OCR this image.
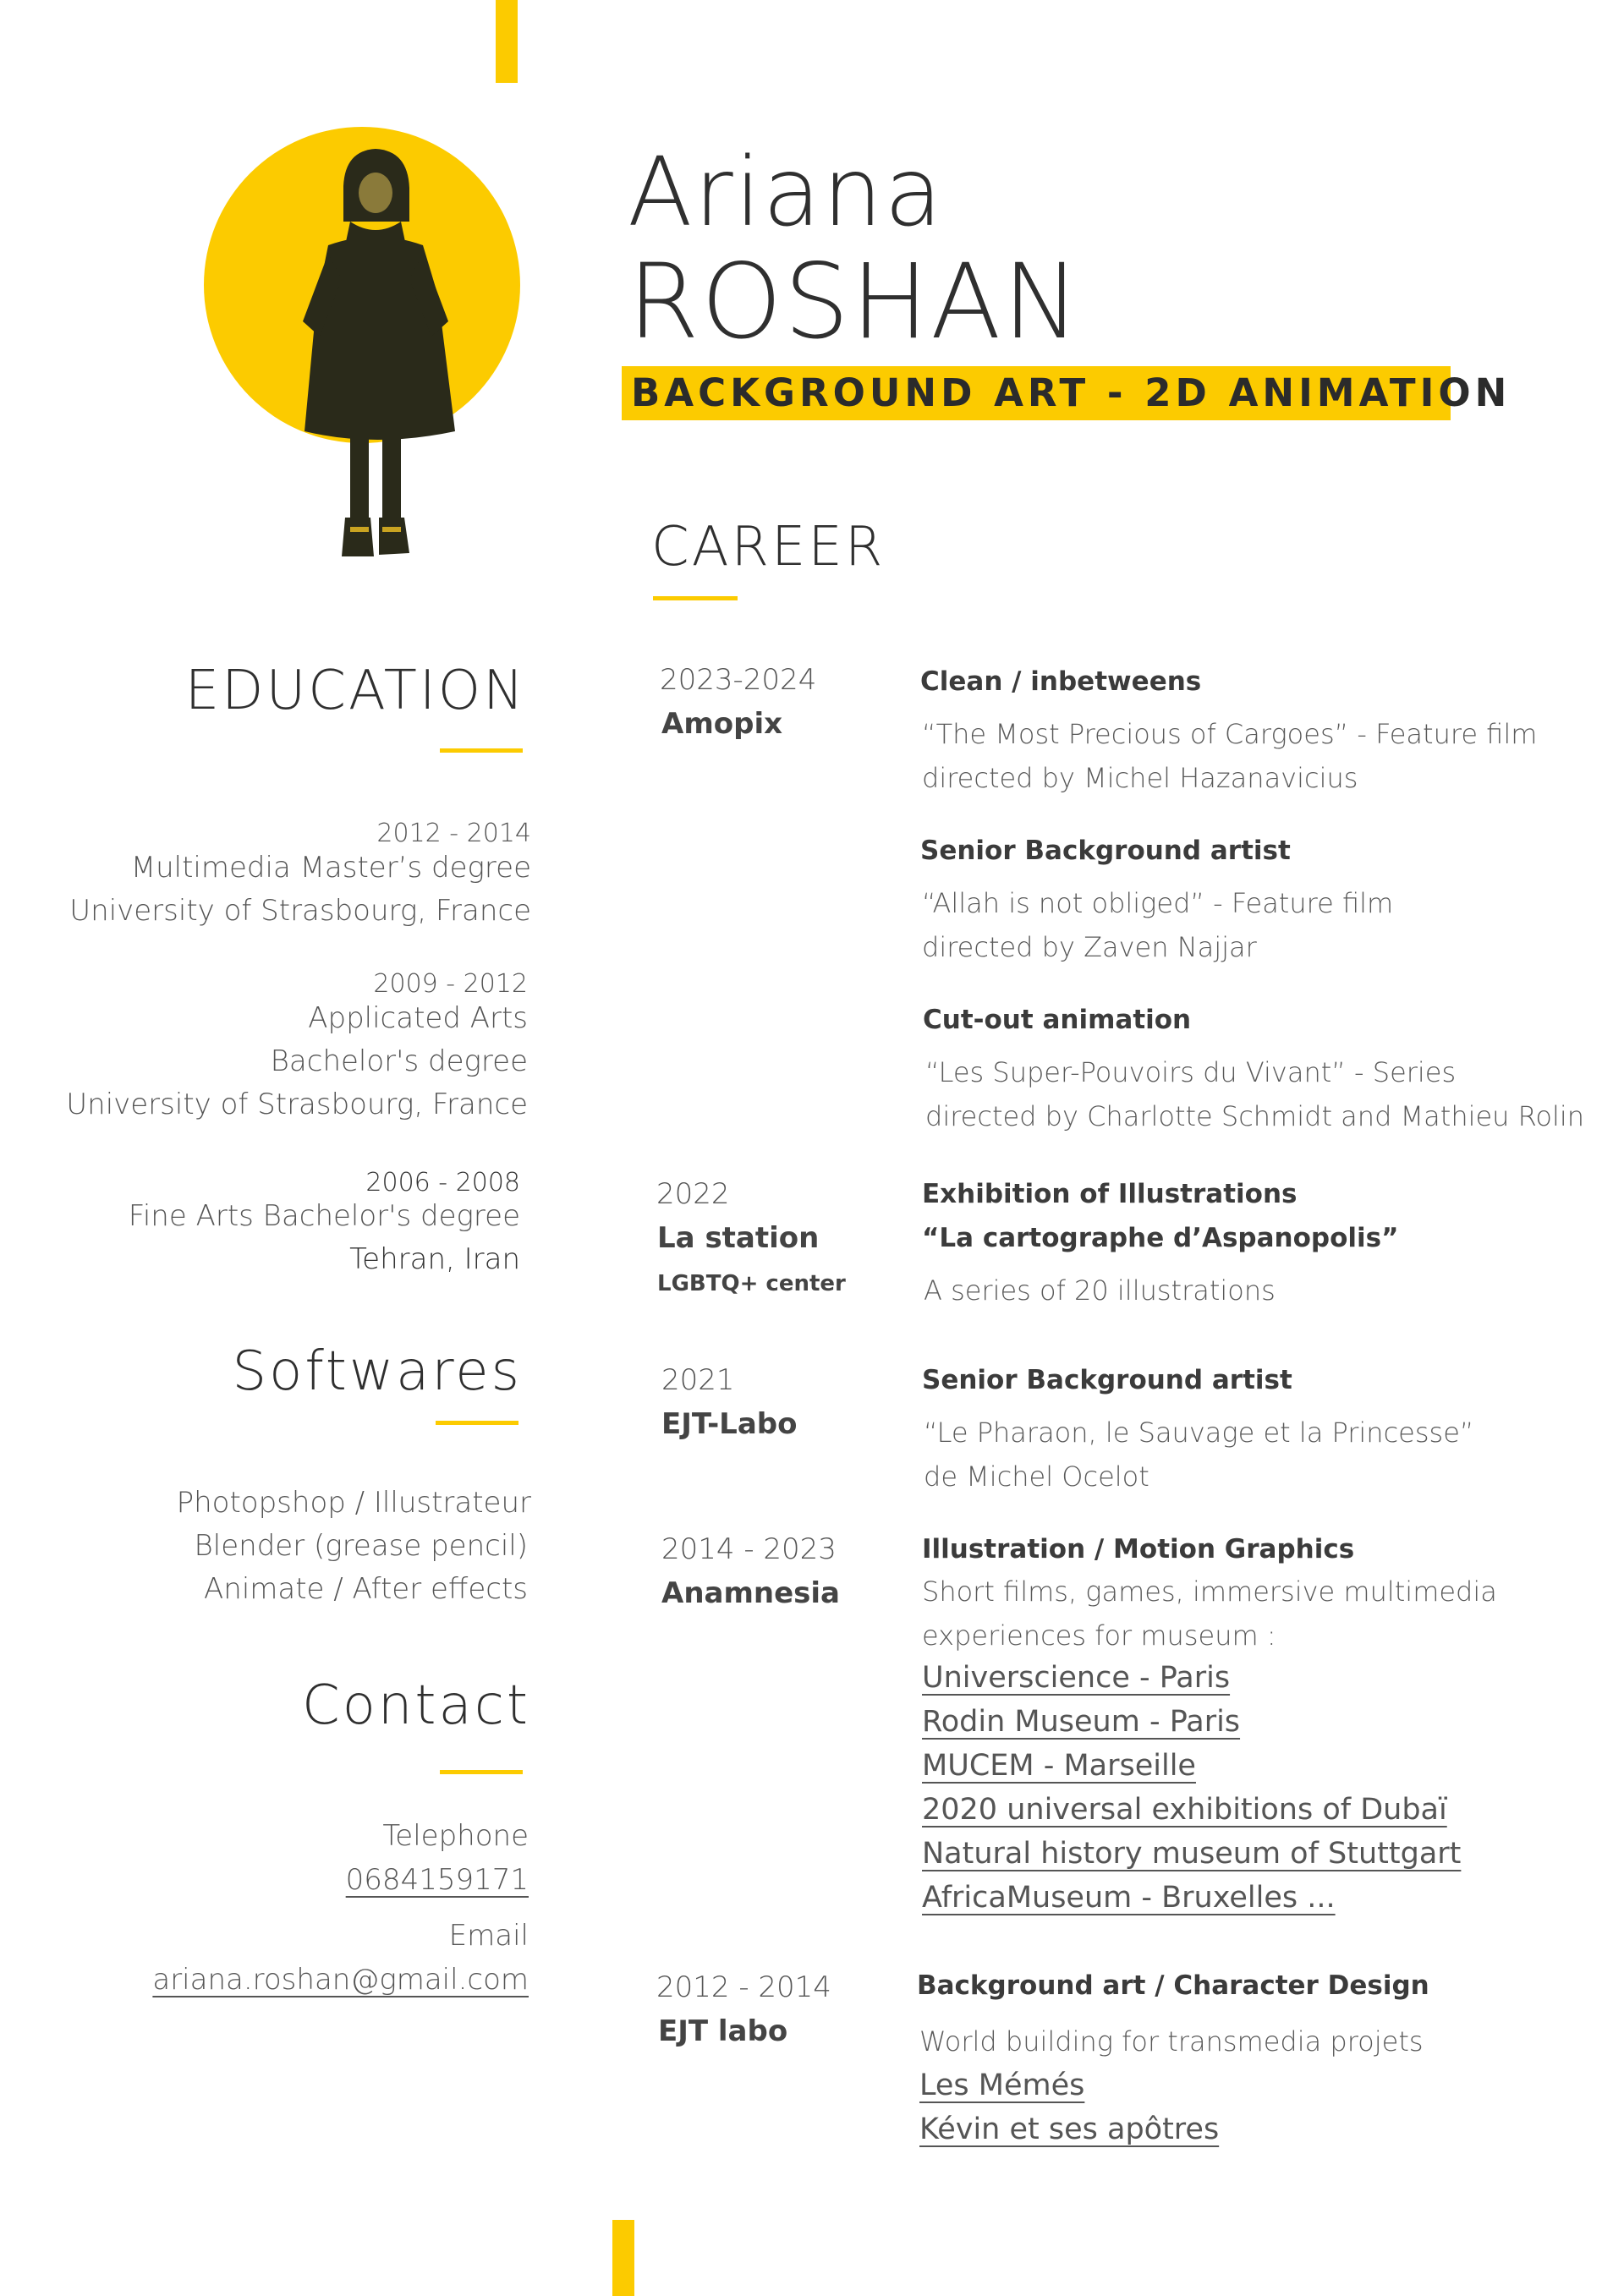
Ariana
ROSHAN
BACKGROUND ART - 2D ANIMATION
CAREER
EDUCATION
2012 - 2014
Multimedia Master’s degree
University of Strasbourg, France
2009 - 2012
Applicated Arts
Bachelor's degree
University of Strasbourg, France
2006 - 2008
Fine Arts Bachelor's degree
Tehran, Iran
Softwares
Photopshop / Illustrateur
Blender (grease pencil)
Animate / After effects
Contact
Telephone
0684159171
Email
ariana.roshan@gmail.com
2023-2024
Amopix
2022
La station
LGBTQ+ center
2021
EJT-Labo
2014 - 2023
Anamnesia
2012 - 2014
EJT labo
Clean / inbetweens
“The Most Precious of Cargoes” - Feature film
directed by Michel Hazanavicius
Senior Background artist
“Allah is not obliged” - Feature film
directed by Zaven Najjar
Cut-out animation
“Les Super-Pouvoirs du Vivant” - Series
directed by Charlotte Schmidt and Mathieu Rolin
Exhibition of Illustrations
“La cartographe d’Aspanopolis”
A series of 20 illustrations
Senior Background artist
“Le Pharaon, le Sauvage et la Princesse”
de Michel Ocelot
Illustration / Motion Graphics
Short films, games, immersive multimedia
experiences for museum :
Universcience - Paris
Rodin Museum - Paris
MUCEM - Marseille
2020 universal exhibitions of Dubaï
Natural history museum of Stuttgart
AfricaMuseum - Bruxelles ...
Background art / Character Design
World building for transmedia projets
Les Mémés
Kévin et ses apôtres
